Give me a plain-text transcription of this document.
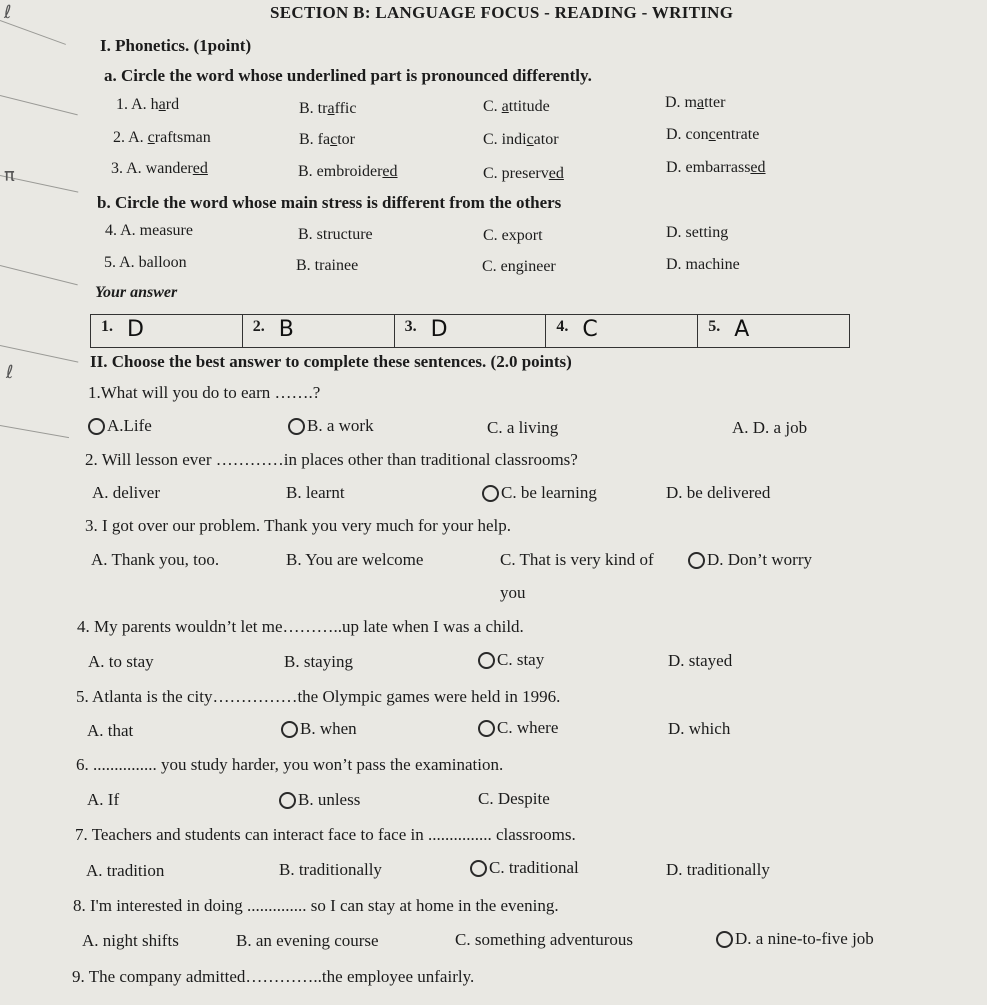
ℓ
π
ℓ
SECTION B: LANGUAGE FOCUS - READING - WRITING
I. Phonetics. (1point)
a. Circle the word whose underlined part is pronounced differently.
1. A. hard	B. traffic	C. attitude	D. matter
2. A. craftsman	B. factor	C. indicator	D. concentrate
3. A. wandered	B. embroidered	C. preserved	D. embarrassed
b. Circle the word whose main stress is different from the others
4. A. measure	B. structure	C. export	D. setting
5. A. balloon	B. trainee	C. engineer	D. machine
Your answer
1. D	2. B	3. D	4. C	5. A
II. Choose the best answer to complete these sentences. (2.0 points)
1.What will you do to earn …….?
A.Life	B. a work	C. a living	A. D. a job
2. Will lesson ever …………in places other than traditional classrooms?
A. deliver	B. learnt	C. be learning	D. be delivered
3. I got over our problem. Thank you very much for your help.
A. Thank you, too.	B. You are welcome	C. That is very kind of
you
D. Don’t worry
4. My parents wouldn’t let me………..up late when I was a child.
A. to stay	B. staying	C. stay	D. stayed
5. Atlanta is the city……………the Olympic games were held in 1996.
A. that	B. when	C. where	D. which
6. ............... you study harder, you won’t pass the examination.
A. If	B. unless	C. Despite
7. Teachers and students can interact face to face in ............... classrooms.
A. tradition	B. traditionally	C. traditional	D. traditionally
8. I'm interested in doing .............. so I can stay at home in the evening.
A. night shifts	B. an evening course	C. something adventurous	D. a nine-to-five job
9. The company admitted…………..the employee unfairly.
